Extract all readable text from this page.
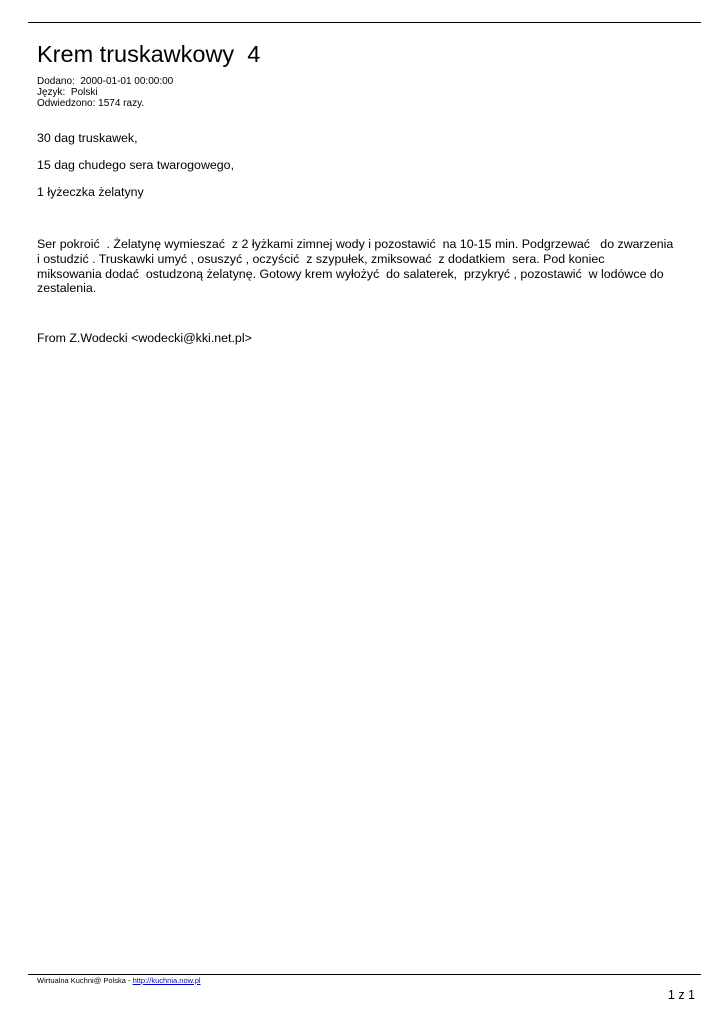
Krem truskawkowy  4
Dodano:  2000-01-01 00:00:00
Język:  Polski
Odwiedzono: 1574 razy.
30 dag truskawek,
15 dag chudego sera twarogowego,
1 łyżeczka żelatyny
Ser pokroić  . Żelatynę wymieszać  z 2 łyżkami zimnej wody i pozostawić  na 10-15 min. Podgrzewać   do zwarzenia
i ostudzić . Truskawki umyć , osuszyć , oczyścić  z szypułek, zmiksować  z dodatkiem  sera. Pod koniec
miksowania dodać  ostudzoną żelatynę. Gotowy krem wyłożyć  do salaterek,  przykryć , pozostawić  w lodówce do
zestalenia.
From Z.Wodecki <wodecki@kki.net.pl>
Wirtualna Kuchni@ Polska - http://kuchnia.now.pl
1 z 1
